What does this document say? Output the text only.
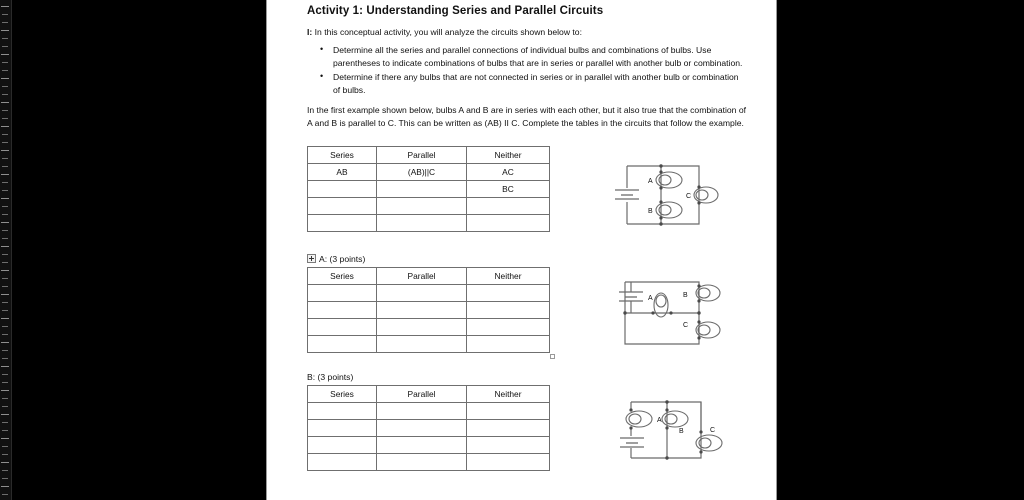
Activity 1: Understanding Series and Parallel Circuits

I: In this conceptual activity, you will analyze the circuits shown below to:

• Determine all the series and parallel connections of individual bulbs and combinations of bulbs. Use parentheses to indicate combinations of bulbs that are in series or parallel with another bulb or combination.
• Determine if there any bulbs that are not connected in series or in parallel with another bulb or combination of bulbs.

In the first example shown below, bulbs A and B are in series with each other, but it also true that the combination of A and B is parallel to C. This can be written as (AB) II C. Complete the tables in the circuits that follow the example.

Series	Parallel	Neither
AB	(AB)||C	AC
		BC

A
B
C
A: (3 points)
Series	Parallel	Neither

A	B
C
B: (3 points)
Series	Parallel	Neither

A
B	C
